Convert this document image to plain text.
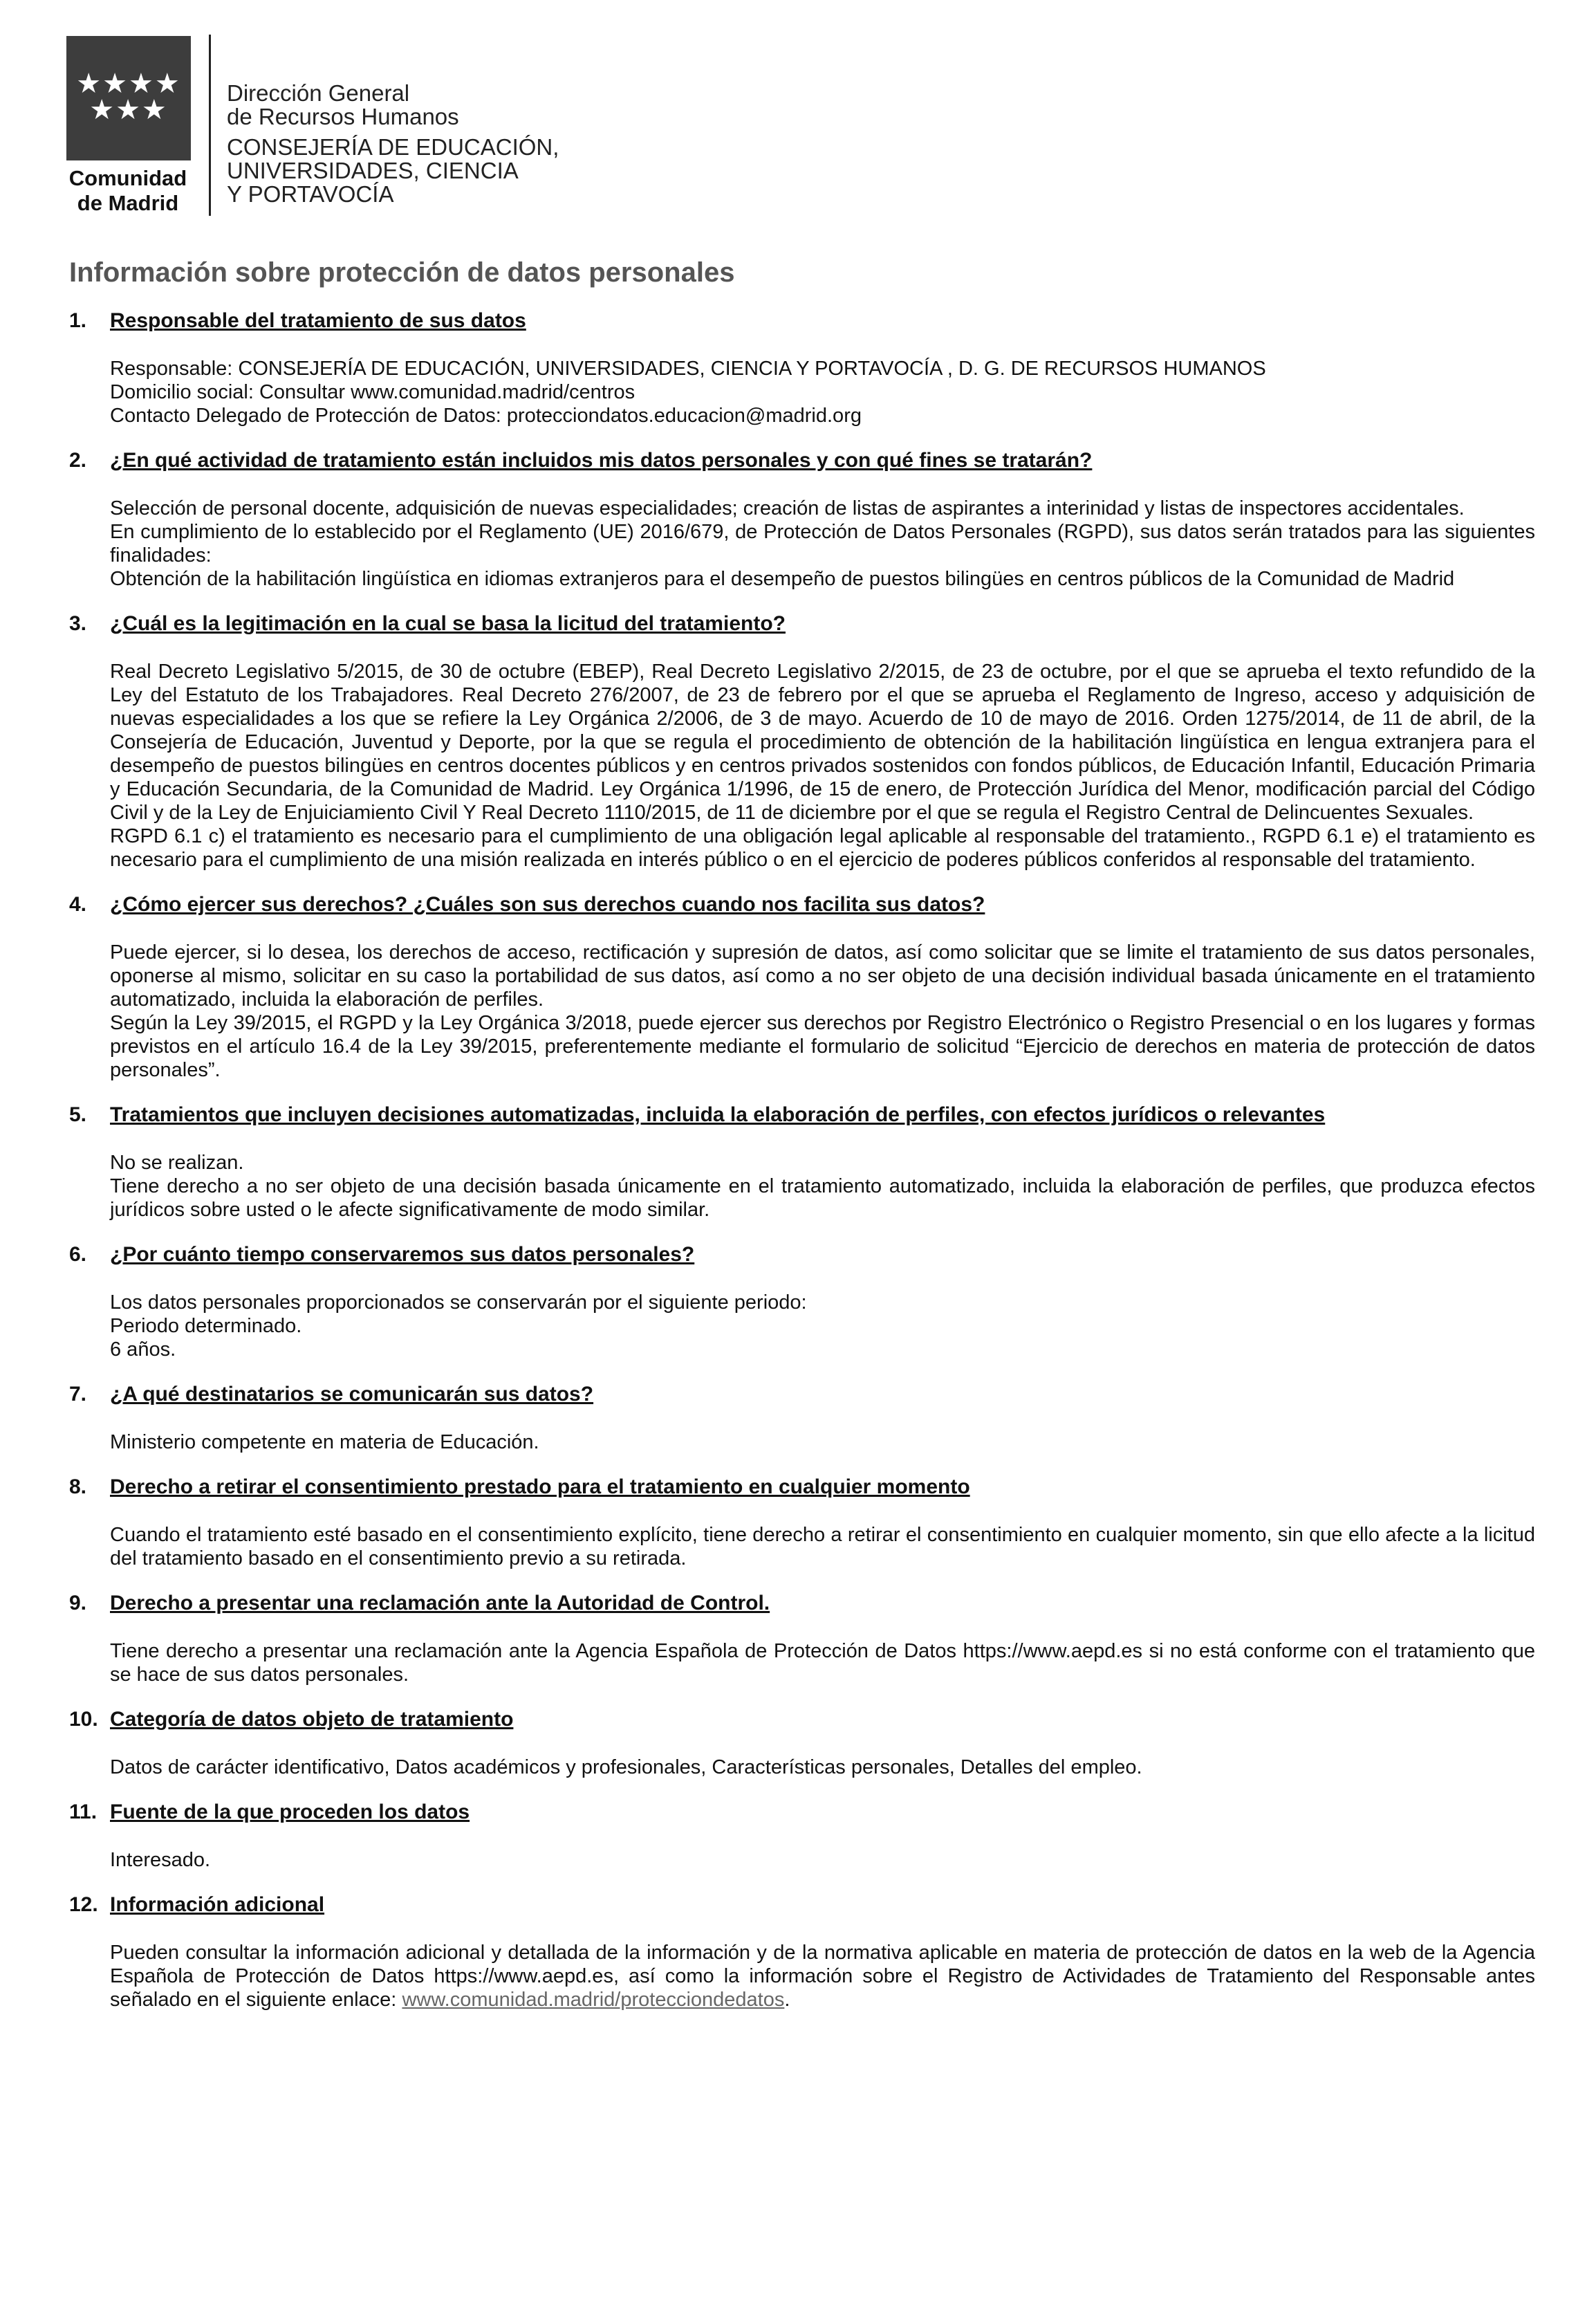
★★★★
★★★
Comunidad
de Madrid
Dirección General
de Recursos Humanos
CONSEJERÍA DE EDUCACIÓN,
UNIVERSIDADES, CIENCIA
Y PORTAVOCÍA
Información sobre protección de datos personales
1. Responsable del tratamiento de sus datos

Responsable: CONSEJERÍA DE EDUCACIÓN, UNIVERSIDADES, CIENCIA Y PORTAVOCÍA , D. G. DE RECURSOS HUMANOS

Domicilio social: Consultar www.comunidad.madrid/centros

Contacto Delegado de Protección de Datos: protecciondatos.educacion@madrid.org

2. ¿En qué actividad de tratamiento están incluidos mis datos personales y con qué fines se tratarán?

Selección de personal docente, adquisición de nuevas especialidades; creación de listas de aspirantes a interinidad y listas de inspectores accidentales.

En cumplimiento de lo establecido por el Reglamento (UE) 2016/679, de Protección de Datos Personales (RGPD), sus datos serán tratados para las siguientes finalidades:

Obtención de la habilitación lingüística en idiomas extranjeros para el desempeño de puestos bilingües en centros públicos de la Comunidad de Madrid

3. ¿Cuál es la legitimación en la cual se basa la licitud del tratamiento?

Real Decreto Legislativo 5/2015, de 30 de octubre (EBEP), Real Decreto Legislativo 2/2015, de 23 de octubre, por el que se aprueba el texto refundido de la Ley del Estatuto de los Trabajadores. Real Decreto 276/2007, de 23 de febrero por el que se aprueba el Reglamento de Ingreso, acceso y adquisición de nuevas especialidades a los que se refiere la Ley Orgánica 2/2006, de 3 de mayo. Acuerdo de 10 de mayo de 2016. Orden 1275/2014, de 11 de abril, de la Consejería de Educación, Juventud y Deporte, por la que se regula el procedimiento de obtención de la habilitación lingüística en lengua extranjera para el desempeño de puestos bilingües en centros docentes públicos y en centros privados sostenidos con fondos públicos, de Educación Infantil, Educación Primaria y Educación Secundaria, de la Comunidad de Madrid. Ley Orgánica 1/1996, de 15 de enero, de Protección Jurídica del Menor, modificación parcial del Código Civil y de la Ley de Enjuiciamiento Civil Y Real Decreto 1110/2015, de 11 de diciembre por el que se regula el Registro Central de Delincuentes Sexuales.

RGPD 6.1 c) el tratamiento es necesario para el cumplimiento de una obligación legal aplicable al responsable del tratamiento., RGPD 6.1 e) el tratamiento es necesario para el cumplimiento de una misión realizada en interés público o en el ejercicio de poderes públicos conferidos al responsable del tratamiento.

4. ¿Cómo ejercer sus derechos? ¿Cuáles son sus derechos cuando nos facilita sus datos?

Puede ejercer, si lo desea, los derechos de acceso, rectificación y supresión de datos, así como solicitar que se limite el tratamiento de sus datos personales, oponerse al mismo, solicitar en su caso la portabilidad de sus datos, así como a no ser objeto de una decisión individual basada únicamente en el tratamiento automatizado, incluida la elaboración de perfiles.

Según la Ley 39/2015, el RGPD y la Ley Orgánica 3/2018, puede ejercer sus derechos por Registro Electrónico o Registro Presencial o en los lugares y formas previstos en el artículo 16.4 de la Ley 39/2015, preferentemente mediante el formulario de solicitud “Ejercicio de derechos en materia de protección de datos personales”.

5. Tratamientos que incluyen decisiones automatizadas, incluida la elaboración de perfiles, con efectos jurídicos o relevantes

No se realizan.

Tiene derecho a no ser objeto de una decisión basada únicamente en el tratamiento automatizado, incluida la elaboración de perfiles, que produzca efectos jurídicos sobre usted o le afecte significativamente de modo similar.

6. ¿Por cuánto tiempo conservaremos sus datos personales?

Los datos personales proporcionados se conservarán por el siguiente periodo:

Periodo determinado.

6 años.

7. ¿A qué destinatarios se comunicarán sus datos?

Ministerio competente en materia de Educación.

8. Derecho a retirar el consentimiento prestado para el tratamiento en cualquier momento

Cuando el tratamiento esté basado en el consentimiento explícito, tiene derecho a retirar el consentimiento en cualquier momento, sin que ello afecte a la licitud del tratamiento basado en el consentimiento previo a su retirada.

9. Derecho a presentar una reclamación ante la Autoridad de Control.

Tiene derecho a presentar una reclamación ante la Agencia Española de Protección de Datos https://www.aepd.es si no está conforme con el tratamiento que se hace de sus datos personales.

10. Categoría de datos objeto de tratamiento

Datos de carácter identificativo, Datos académicos y profesionales, Características personales, Detalles del empleo.

11. Fuente de la que proceden los datos

Interesado.

12. Información adicional

Pueden consultar la información adicional y detallada de la información y de la normativa aplicable en materia de protección de datos en la web de la Agencia Española de Protección de Datos https://www.aepd.es, así como la información sobre el Registro de Actividades de Tratamiento del Responsable antes señalado en el siguiente enlace: www.comunidad.madrid/protecciondedatos.
